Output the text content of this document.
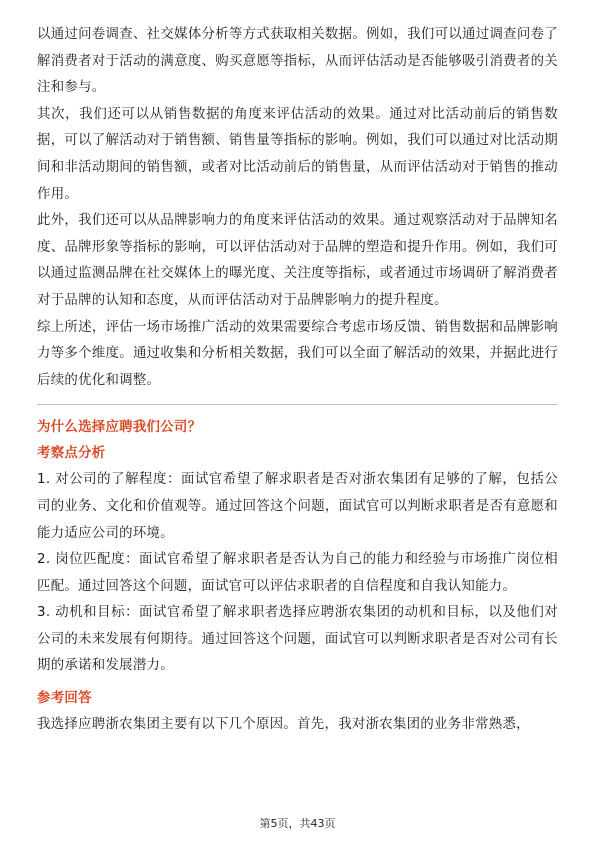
以通过问卷调查、社交媒体分析等方式获取相关数据。例如，我们可以通过调查问卷了解消费者对于活动的满意度、购买意愿等指标，从而评估活动是否能够吸引消费者的关注和参与。

其次，我们还可以从销售数据的角度来评估活动的效果。通过对比活动前后的销售数据，可以了解活动对于销售额、销售量等指标的影响。例如，我们可以通过对比活动期间和非活动期间的销售额，或者对比活动前后的销售量，从而评估活动对于销售的推动作用。

此外，我们还可以从品牌影响力的角度来评估活动的效果。通过观察活动对于品牌知名度、品牌形象等指标的影响，可以评估活动对于品牌的塑造和提升作用。例如，我们可以通过监测品牌在社交媒体上的曝光度、关注度等指标，或者通过市场调研了解消费者对于品牌的认知和态度，从而评估活动对于品牌影响力的提升程度。

综上所述，评估一场市场推广活动的效果需要综合考虑市场反馈、销售数据和品牌影响力等多个维度。通过收集和分析相关数据，我们可以全面了解活动的效果，并据此进行后续的优化和调整。

为什么选择应聘我们公司？

考察点分析

1. 对公司的了解程度：面试官希望了解求职者是否对浙农集团有足够的了解，包括公司的业务、文化和价值观等。通过回答这个问题，面试官可以判断求职者是否有意愿和能力适应公司的环境。

2. 岗位匹配度：面试官希望了解求职者是否认为自己的能力和经验与市场推广岗位相匹配。通过回答这个问题，面试官可以评估求职者的自信程度和自我认知能力。

3. 动机和目标：面试官希望了解求职者选择应聘浙农集团的动机和目标，以及他们对公司的未来发展有何期待。通过回答这个问题，面试官可以判断求职者是否对公司有长期的承诺和发展潜力。

参考回答

我选择应聘浙农集团主要有以下几个原因。首先，我对浙农集团的业务非常熟悉，

第5页，共43页
